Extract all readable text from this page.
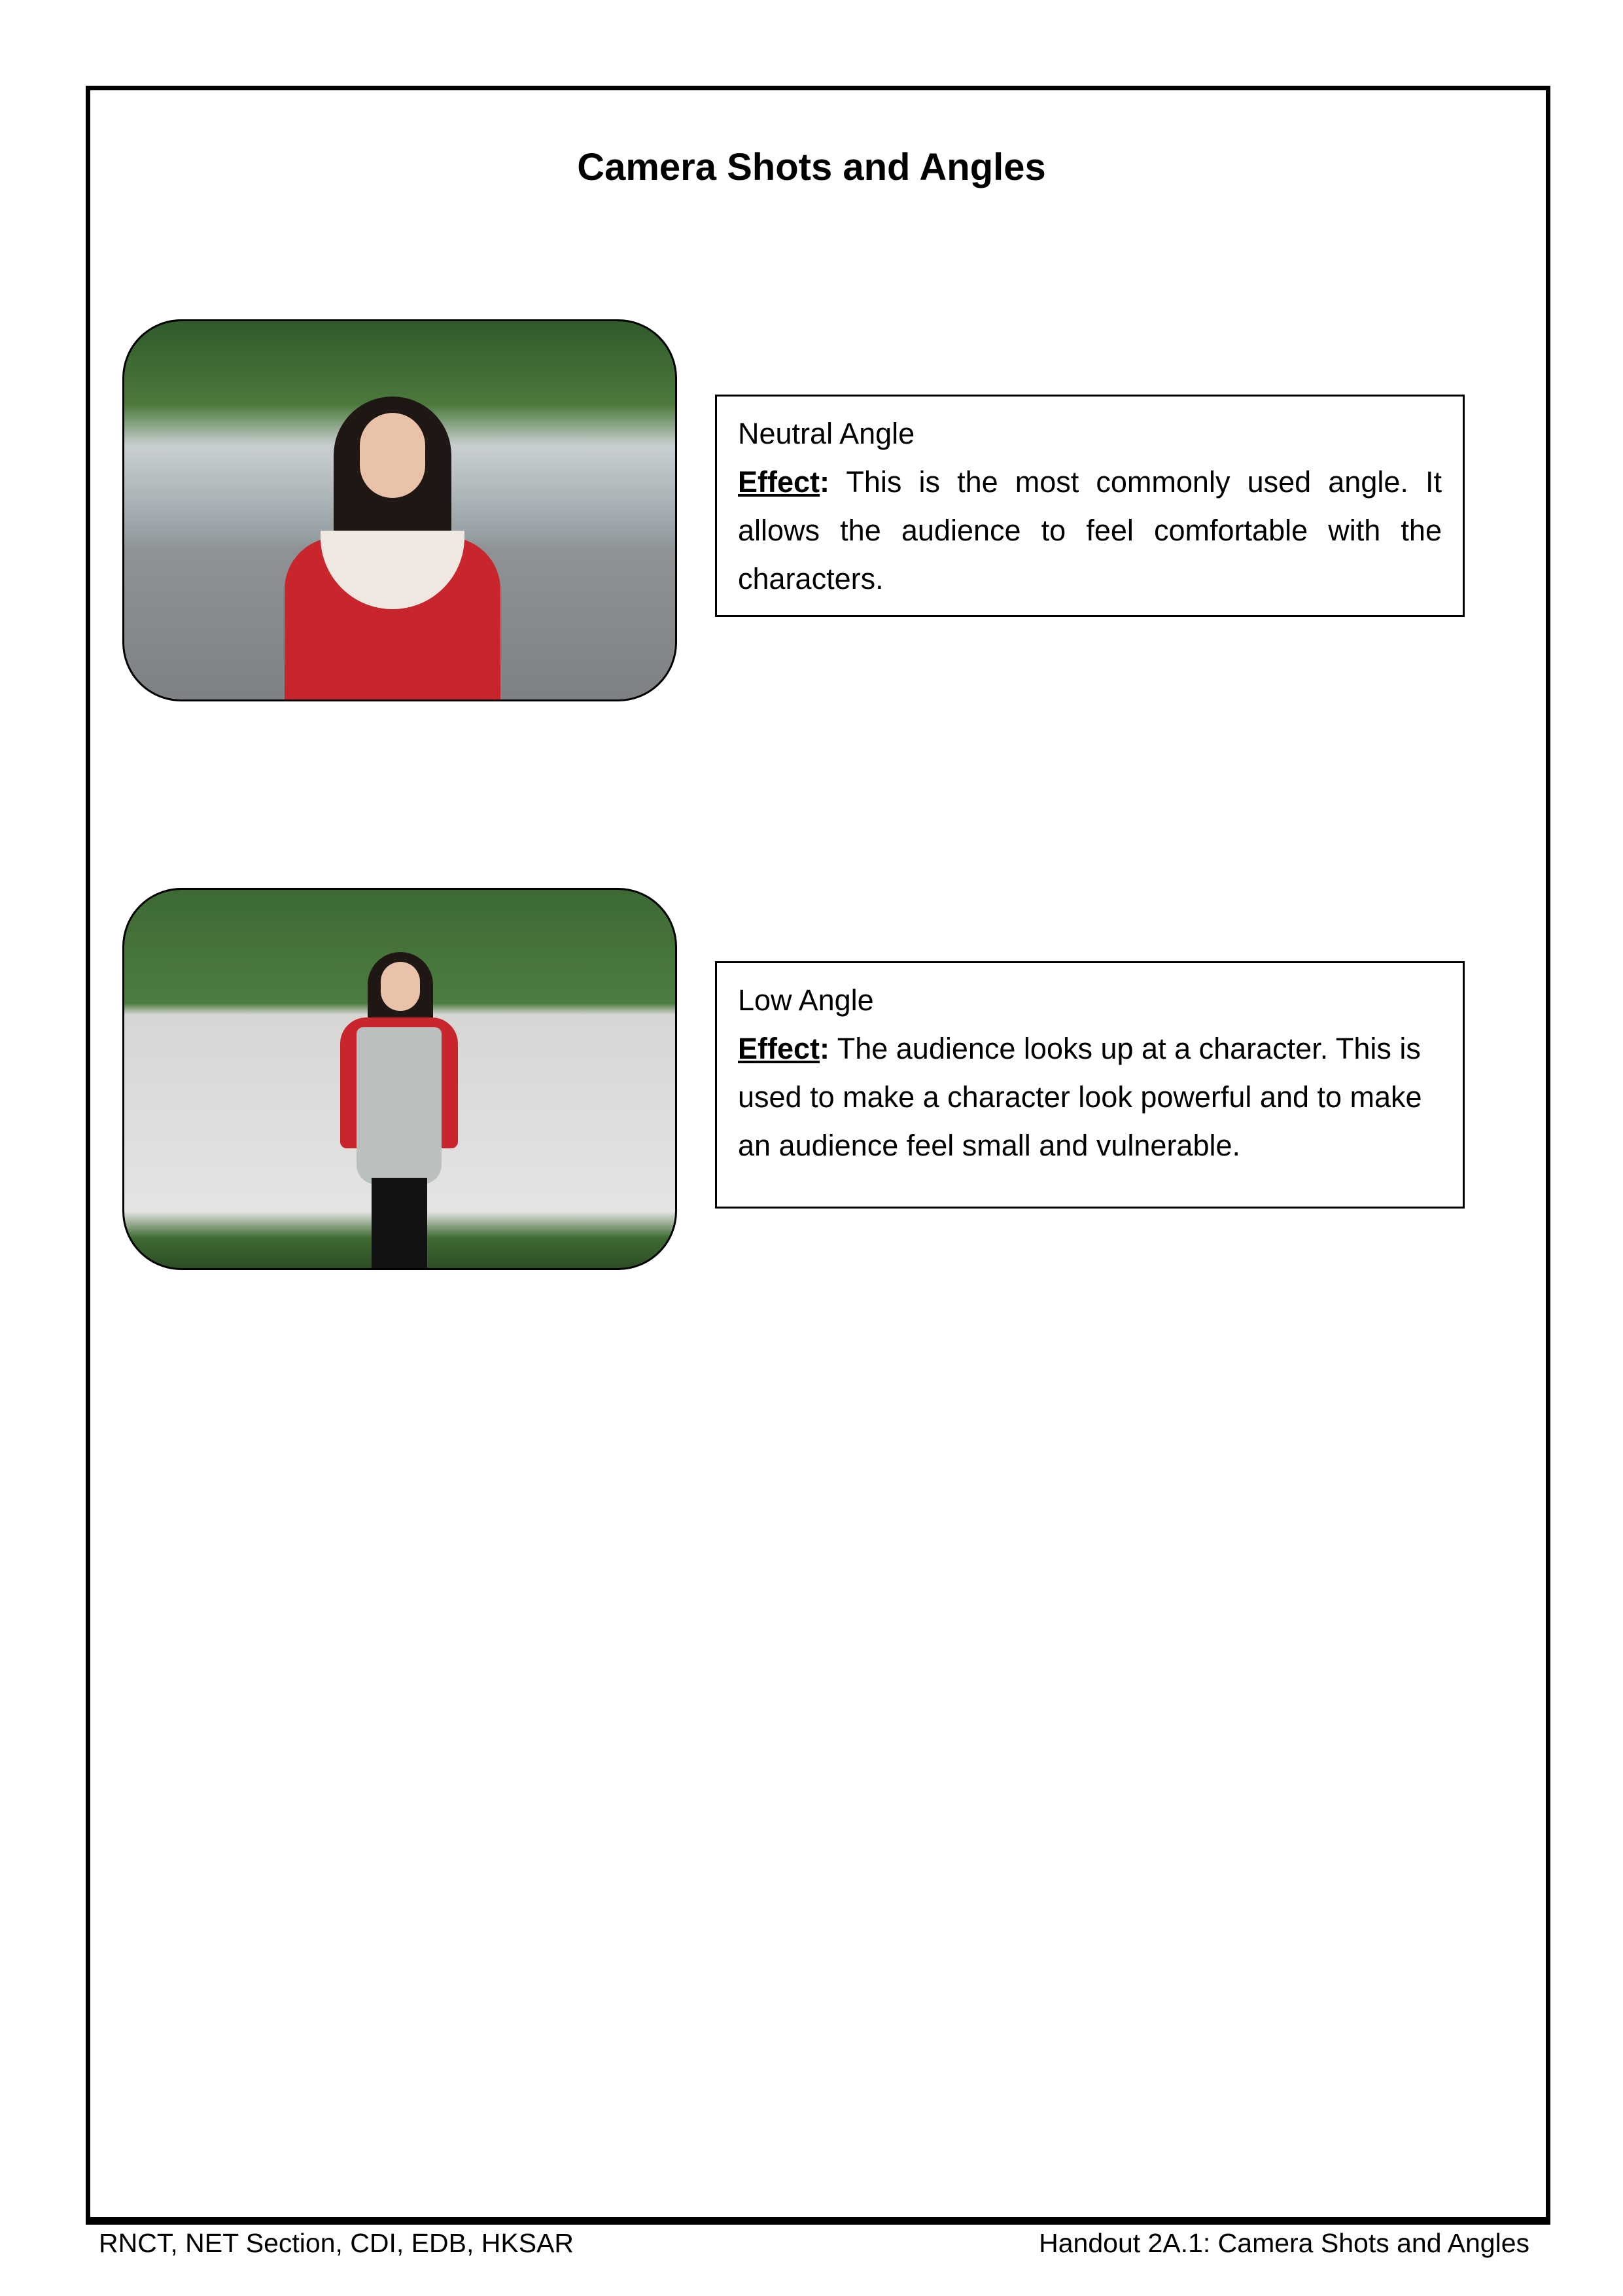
Camera Shots and Angles
Neutral Angle
Effect: This is the most commonly used angle. It allows the audience to feel comfortable with the characters.
Low Angle
Effect: The audience looks up at a character. This is used to make a character look powerful and to make an audience feel small and vulnerable.
RNCT, NET Section, CDI, EDB, HKSAR	Handout 2A.1: Camera Shots and Angles
